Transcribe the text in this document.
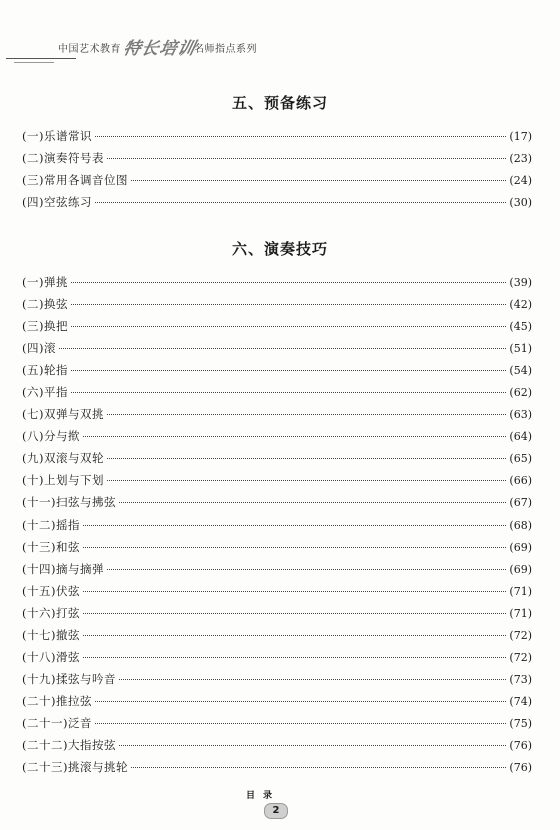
中国艺术教育 特长培训
名师指点系列
五、预备练习
(一)乐谱常识	(17)
(二)演奏符号表	(23)
(三)常用各调音位图	(24)
(四)空弦练习	(30)
六、演奏技巧
(一)弹挑	(39)
(二)换弦	(42)
(三)换把	(45)
(四)滚	(51)
(五)轮指	(54)
(六)平指	(62)
(七)双弹与双挑	(63)
(八)分与揿	(64)
(九)双滚与双轮	(65)
(十)上划与下划	(66)
(十一)扫弦与拂弦	(67)
(十二)摇指	(68)
(十三)和弦	(69)
(十四)摘与摘弹	(69)
(十五)伏弦	(71)
(十六)打弦	(71)
(十七)撤弦	(72)
(十八)滑弦	(72)
(十九)揉弦与吟音	(73)
(二十)推拉弦	(74)
(二十一)泛音	(75)
(二十二)大指按弦	(76)
(二十三)挑滚与挑轮	(76)
目录
2
